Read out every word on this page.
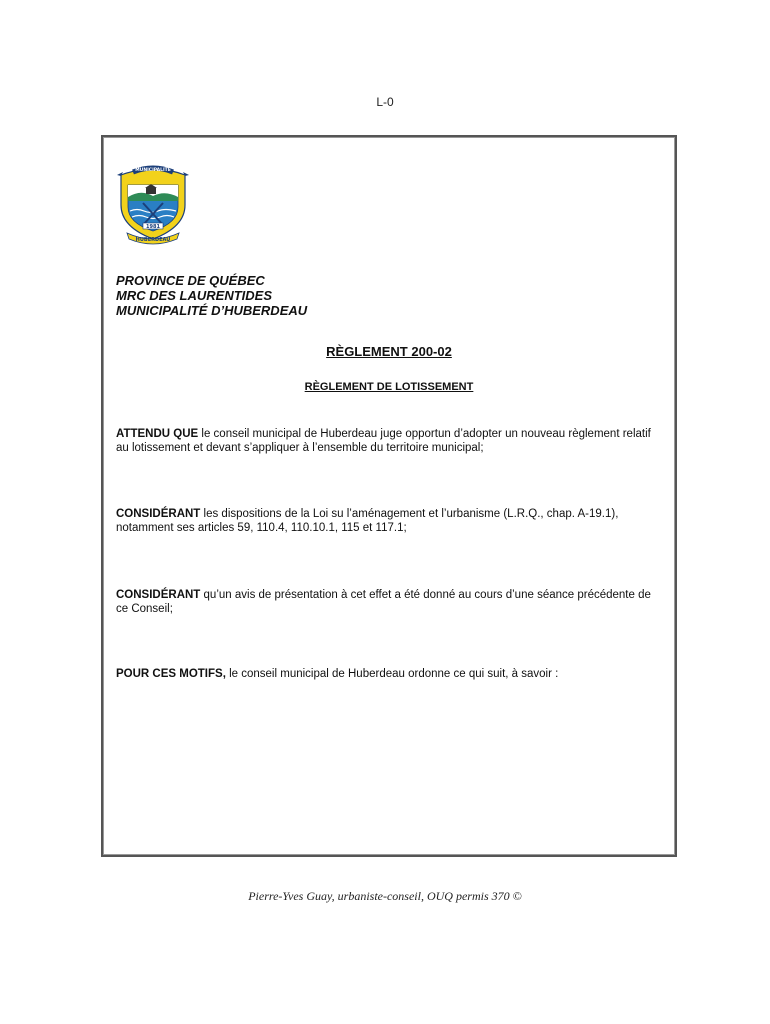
L-0
1981
MUNICIPALITÉ
HUBERDEAU
PROVINCE DE QUÉBEC
MRC DES LAURENTIDES
MUNICIPALITÉ D’HUBERDEAU
RÈGLEMENT 200-02
RÈGLEMENT DE LOTISSEMENT
ATTENDU QUE le conseil municipal de Huberdeau juge opportun d’adopter un nouveau règlement relatif au lotissement et devant s’appliquer à l’ensemble du territoire municipal;
CONSIDÉRANT les dispositions de la Loi su l’aménagement et l’urbanisme (L.R.Q., chap. A-19.1), notamment ses articles 59, 110.4, 110.10.1, 115 et 117.1;
CONSIDÉRANT qu’un avis de présentation à cet effet a été donné au cours d’une séance précédente de ce Conseil;
POUR CES MOTIFS, le conseil municipal de Huberdeau ordonne ce qui suit, à savoir :
Pierre-Yves Guay, urbaniste-conseil, OUQ permis 370 ©
